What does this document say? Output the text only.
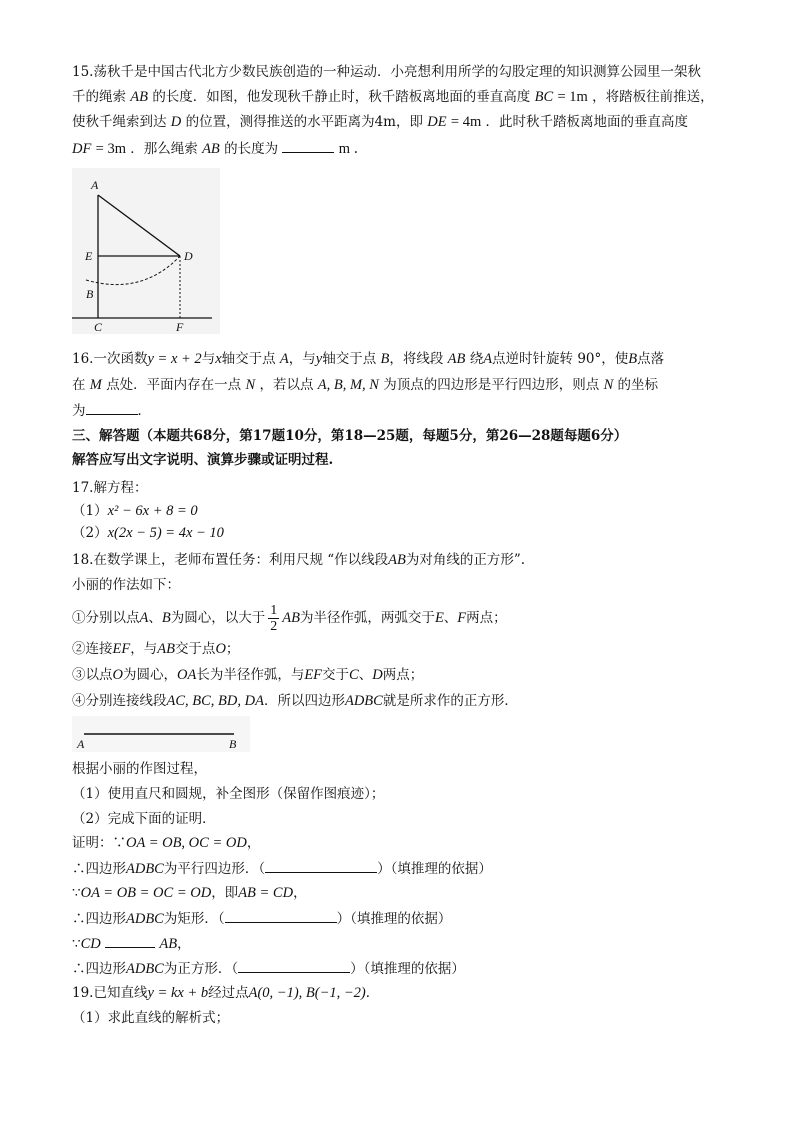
15.荡秋千是中国古代北方少数民族创造的一种运动．小亮想利用所学的勾股定理的知识测算公园里一架秋
千的绳索 AB 的长度．如图，他发现秋千静止时，秋千踏板离地面的垂直高度 BC = 1m ，将踏板往前推送，
使秋千绳索到达 D 的位置，测得推送的水平距离为4m，即 DE = 4m ．此时秋千踏板离地面的垂直高度
DF = 3m ．那么绳索 AB 的长度为	m ．
A
E	D
B
C	F
16.一次函数y = x + 2与x轴交于点 A，与y轴交于点 B，将线段 AB 绕A点逆时针旋转 90°，使B点落
在 M 点处．平面内存在一点 N ，若以点 A, B, M, N 为顶点的四边形是平行四边形，则点 N 的坐标
为	．
三、解答题（本题共68分，第17题10分，第18—25题，每题5分，第26—28题每题6分）
解答应写出文字说明、演算步骤或证明过程.
17.解方程：
（1）x² − 6x + 8 = 0
（2）x(2x − 5) = 4x − 10
18.在数学课上，老师布置任务：利用尺规 “作以线段AB为对角线的正方形”.
小丽的作法如下：
①分别以点A、B为圆心，以大于 $\frac{1}{2}$ AB为半径作弧，两弧交于E、F两点；
②连接EF，与AB交于点O；
③以点O为圆心，OA长为半径作弧，与EF交于C、D两点；
④分别连接线段AC, BC, BD, DA．所以四边形ADBC就是所求作的正方形．
A	B
根据小丽的作图过程，
（1）使用直尺和圆规，补全图形（保留作图痕迹）；
（2）完成下面的证明．
证明：∵OA = OB, OC = OD，
∴四边形ADBC为平行四边形．（	）（填推理的依据）
∵OA = OB = OC = OD，即AB = CD，
∴四边形ADBC为矩形．（	）（填推理的依据）
∵CD	AB，
∴四边形ADBC为正方形．（	）（填推理的依据）
19.已知直线y = kx + b经过点A(0, −1), B(−1, −2)．
（1）求此直线的解析式；
